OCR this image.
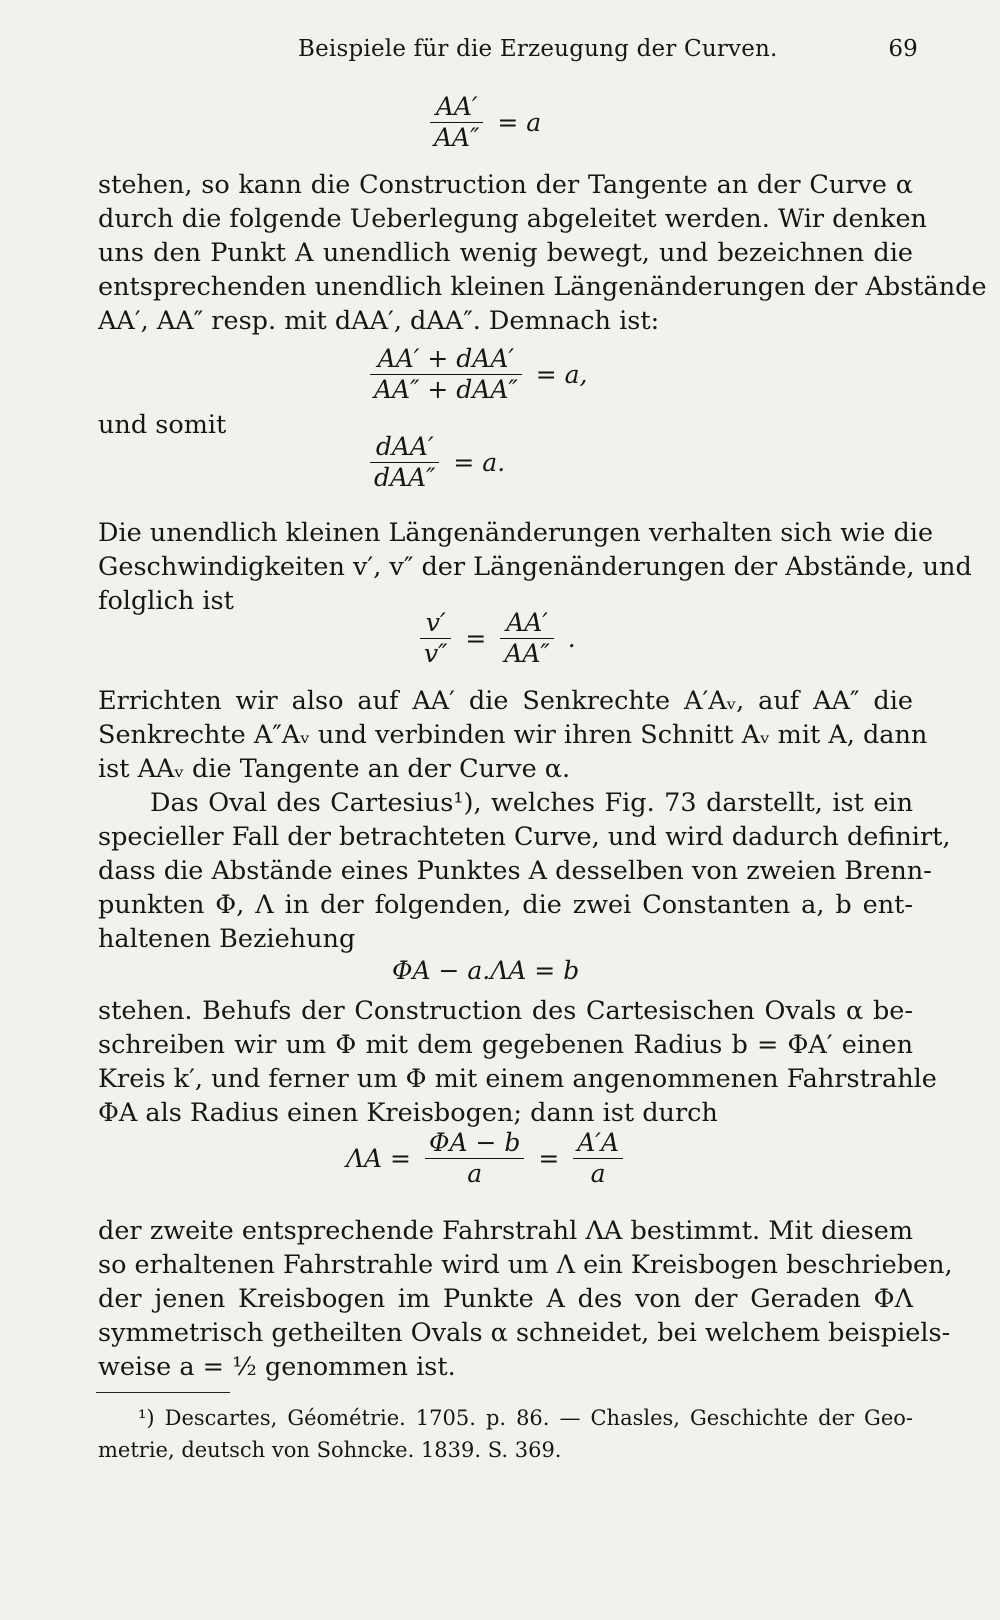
Beispiele für die Erzeugung der Curven.	69
$\frac{AA'}{AA''} = a$
stehen, so kann die Construction der Tangente an der Curve α
durch die folgende Ueberlegung abgeleitet werden. Wir denken
uns den Punkt A unendlich wenig bewegt, und bezeichnen die
entsprechenden unendlich kleinen Längenänderungen der Abstände
AA′, AA″ resp. mit dAA′, dAA″. Demnach ist:
$\frac{\text{AA′ + dAA′}}{\text{AA″ + dAA″}} = a$,
und somit
$\frac{\text{dAA′}}{\text{dAA″}} = a$.
Die unendlich kleinen Längenänderungen verhalten sich wie die
Geschwindigkeiten v′, v″ der Längenänderungen der Abstände, und
folglich ist
$\frac{v'}{v''} = \frac{AA'}{AA''}$ .
Errichten wir also auf AA′ die Senkrechte A′Aᵥ, auf AA″ die
Senkrechte A″Aᵥ und verbinden wir ihren Schnitt Aᵥ mit A, dann
ist AAᵥ die Tangente an der Curve α.
Das Oval des Cartesius¹), welches Fig. 73 darstellt, ist ein
specieller Fall der betrachteten Curve, und wird dadurch definirt,
dass die Abstände eines Punktes A desselben von zweien Brenn-
punkten Φ, Λ in der folgenden, die zwei Constanten a, b ent-
haltenen Beziehung
ΦA − a.ΛA = b
stehen. Behufs der Construction des Cartesischen Ovals α be-
schreiben wir um Φ mit dem gegebenen Radius b = ΦA′ einen
Kreis k′, und ferner um Φ mit einem angenommenen Fahrstrahle
ΦA als Radius einen Kreisbogen; dann ist durch
$\Lambda A = \frac{\Phi A - b}{a} = \frac{A'A}{a}$
der zweite entsprechende Fahrstrahl ΛA bestimmt. Mit diesem
so erhaltenen Fahrstrahle wird um Λ ein Kreisbogen beschrieben,
der jenen Kreisbogen im Punkte A des von der Geraden ΦΛ
symmetrisch getheilten Ovals α schneidet, bei welchem beispiels-
weise a = ½ genommen ist.
¹) Descartes, Géométrie. 1705. p. 86. — Chasles, Geschichte der Geo-
metrie, deutsch von Sohncke. 1839. S. 369.
